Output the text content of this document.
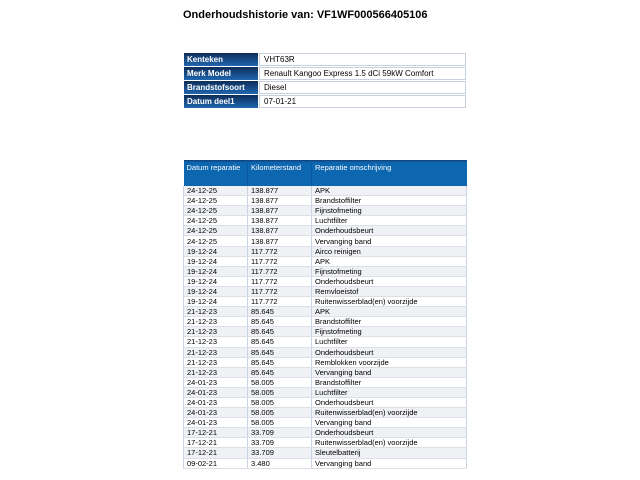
Onderhoudshistorie van: VF1WF000566405106
Kenteken	VHT63R
Merk Model	Renault Kangoo Express 1.5 dCi 59kW Comfort
Brandstofsoort	Diesel
Datum deel1	07-01-21
Datum reparatie	Kilometerstand	Reparatie omschrijving
24-12-25	138.877	APK
24-12-25	138.877	Brandstoffilter
24-12-25	138.877	Fijnstofmeting
24-12-25	138.877	Luchtfilter
24-12-25	138.877	Onderhoudsbeurt
24-12-25	138.877	Vervanging band
19-12-24	117.772	Airco reinigen
19-12-24	117.772	APK
19-12-24	117.772	Fijnstofmeting
19-12-24	117.772	Onderhoudsbeurt
19-12-24	117.772	Remvloeistof
19-12-24	117.772	Ruitenwisserblad(en) voorzijde
21-12-23	85.645	APK
21-12-23	85.645	Brandstoffilter
21-12-23	85.645	Fijnstofmeting
21-12-23	85.645	Luchtfilter
21-12-23	85.645	Onderhoudsbeurt
21-12-23	85.645	Remblokken voorzijde
21-12-23	85.645	Vervanging band
24-01-23	58.005	Brandstoffilter
24-01-23	58.005	Luchtfilter
24-01-23	58.005	Onderhoudsbeurt
24-01-23	58.005	Ruitenwisserblad(en) voorzijde
24-01-23	58.005	Vervanging band
17-12-21	33.709	Onderhoudsbeurt
17-12-21	33.709	Ruitenwisserblad(en) voorzijde
17-12-21	33.709	Sleutelbatterij
09-02-21	3.480	Vervanging band
